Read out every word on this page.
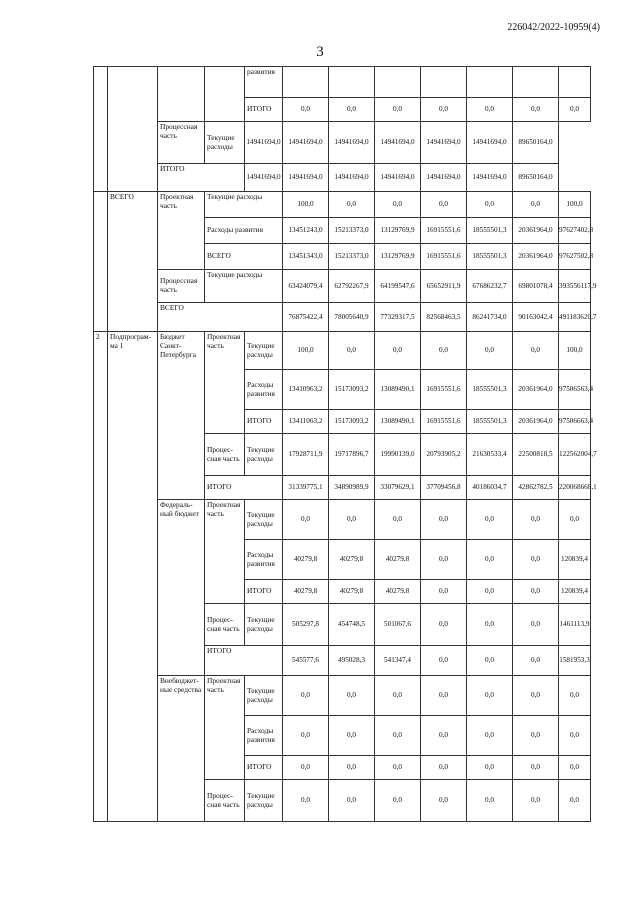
226042/2022-10959(4)
3
				развития							
				ИТОГО	0,0	0,0	0,0	0,0	0,0	0,0	0,0
		Процессная часть	Текущие расходы	14941694,0	14941694,0	14941694,0	14941694,0	14941694,0	14941694,0	89650164,0	
		ИТОГО		14941694,0	14941694,0	14941694,0	14941694,0	14941694,0	14941694,0	89650164,0	
	ВСЕГО	Проектная часть	Текущие расходы		100,0	0,0	0,0	0,0	0,0	0,0	100,0
			Расходы развития		13451243,0	15213373,0	13129769,9	16915551,6	18555501,3	20361964,0	97627402,8
			ВСЕГО		13451343,0	15213373,0	13129769,9	16915551,6	18555501,3	20361964,0	97627502,8
		Процессная часть	Текущие расходы		63424079,4	62792267,9	64199547,6	65652911,9	67686232,7	69801078,4	393556117,9
		ВСЕГО			76875422,4	78005640,9	77329317,5	82568463,5	86241734,0	90163042,4	491183620,7
2	Подпрограмма 1	Бюджет Санкт-Петербурга	Проектная часть	Текущие расходы	100,0	0,0	0,0	0,0	0,0	0,0	100,0
				Расходы развития	13410963,2	15173093,2	13089490,1	16915551,6	18555501,3	20361964,0	97506563,4
				ИТОГО	13411063,2	15173093,2	13089490,1	16915551,6	18555501,3	20361964,0	97506663,4
			Процессная часть	Текущие расходы	17928711,9	19717896,7	19990139,0	20793905,2	21630533,4	22500818,5	122562004,7
			ИТОГО		31339775,1	34890989,9	33079629,1	37709456,8	40186034,7	42862782,5	220068668,1
		Федеральный бюджет	Проектная часть	Текущие расходы	0,0	0,0	0,0	0,0	0,0	0,0	0,0
				Расходы развития	40279,8	40279,8	40279,8	0,0	0,0	0,0	120839,4
				ИТОГО	40279,8	40279,8	40279,8	0,0	0,0	0,0	120839,4
			Процессная часть	Текущие расходы	505297,8	454748,5	501067,6	0,0	0,0	0,0	1461113,9
			ИТОГО		545577,6	495028,3	541347,4	0,0	0,0	0,0	1581953,3
		Внебюджетные средства	Проектная часть	Текущие расходы	0,0	0,0	0,0	0,0	0,0	0,0	0,0
				Расходы развития	0,0	0,0	0,0	0,0	0,0	0,0	0,0
				ИТОГО	0,0	0,0	0,0	0,0	0,0	0,0	0,0
			Процессная часть	Текущие расходы	0,0	0,0	0,0	0,0	0,0	0,0	0,0
